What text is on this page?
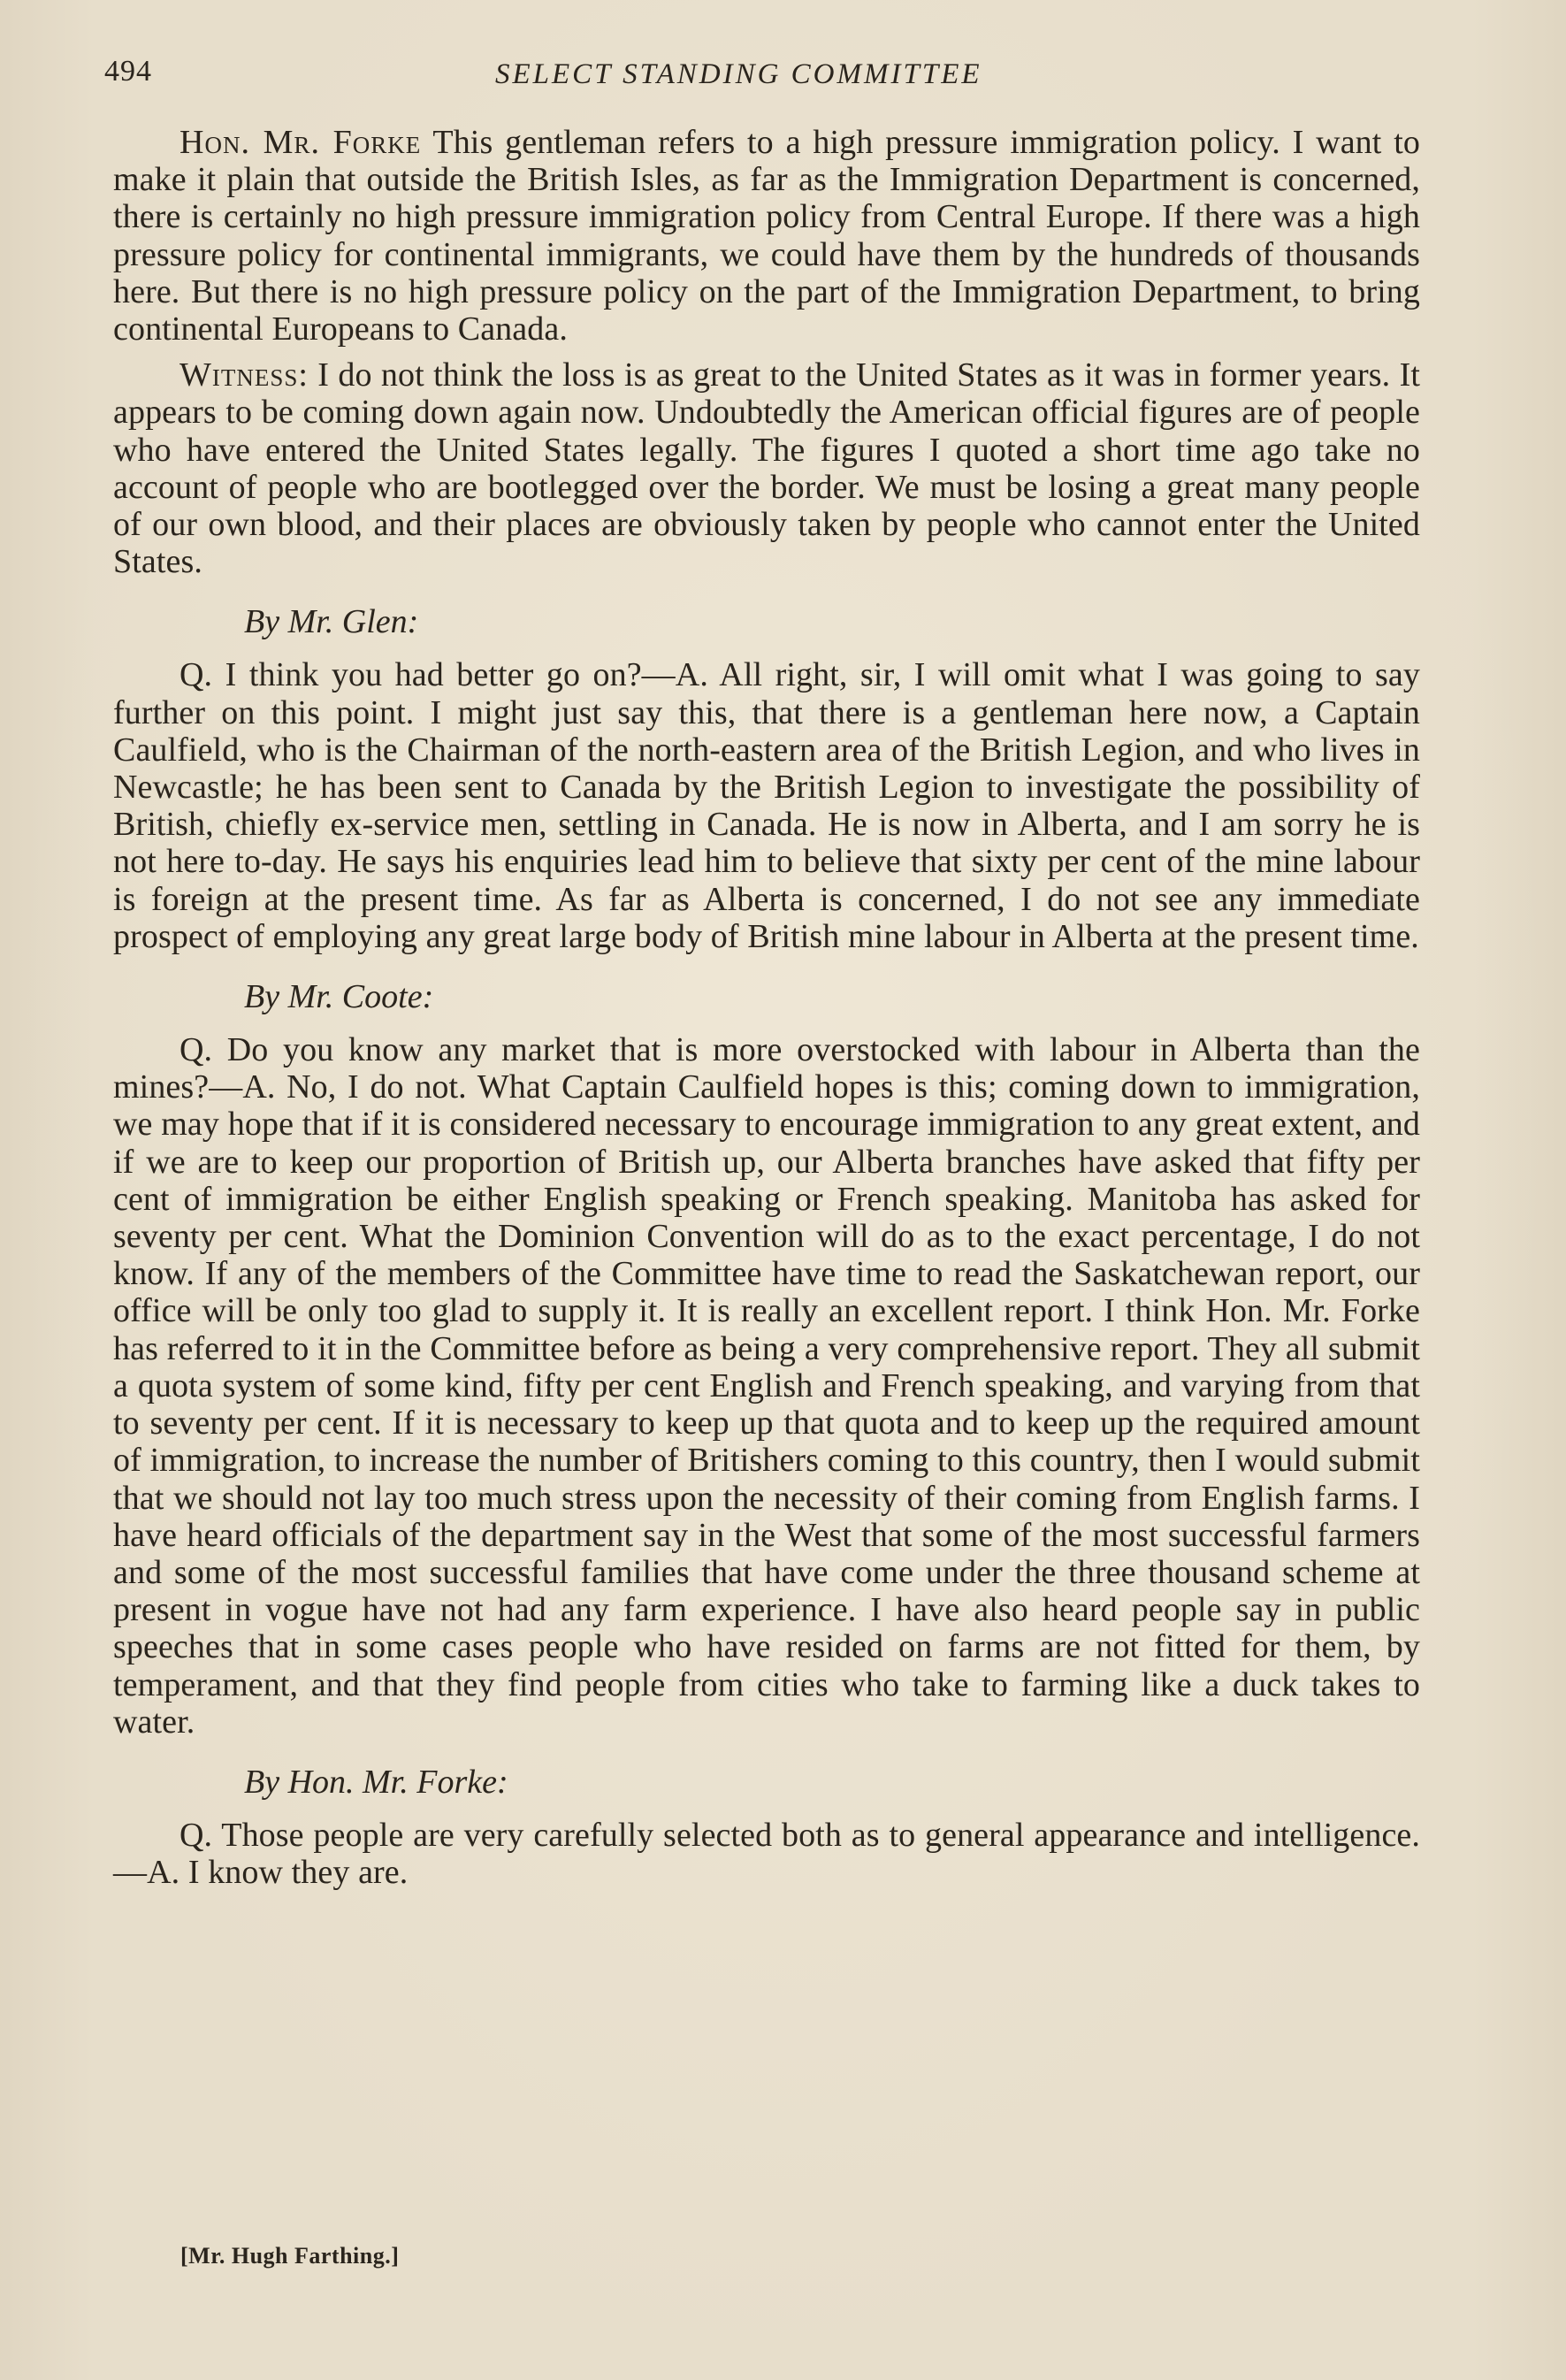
494	SELECT STANDING COMMITTEE

Hon. Mr. Forke This gentleman refers to a high pressure immigration policy. I want to make it plain that outside the British Isles, as far as the Immigration Department is concerned, there is certainly no high pressure immigration policy from Central Europe. If there was a high pressure policy for continental immigrants, we could have them by the hundreds of thousands here. But there is no high pressure policy on the part of the Immigration Department, to bring continental Europeans to Canada.

Witness: I do not think the loss is as great to the United States as it was in former years. It appears to be coming down again now. Undoubtedly the American official figures are of people who have entered the United States legally. The figures I quoted a short time ago take no account of people who are bootlegged over the border. We must be losing a great many people of our own blood, and their places are obviously taken by people who cannot enter the United States.

By Mr. Glen:

Q. I think you had better go on?—A. All right, sir, I will omit what I was going to say further on this point. I might just say this, that there is a gentleman here now, a Captain Caulfield, who is the Chairman of the north-eastern area of the British Legion, and who lives in Newcastle; he has been sent to Canada by the British Legion to investigate the possibility of British, chiefly ex-service men, settling in Canada. He is now in Alberta, and I am sorry he is not here to-day. He says his enquiries lead him to believe that sixty per cent of the mine labour is foreign at the present time. As far as Alberta is concerned, I do not see any immediate prospect of employing any great large body of British mine labour in Alberta at the present time.

By Mr. Coote:

Q. Do you know any market that is more overstocked with labour in Alberta than the mines?—A. No, I do not. What Captain Caulfield hopes is this; coming down to immigration, we may hope that if it is considered necessary to encourage immigration to any great extent, and if we are to keep our proportion of British up, our Alberta branches have asked that fifty per cent of immigration be either English speaking or French speaking. Manitoba has asked for seventy per cent. What the Dominion Convention will do as to the exact percentage, I do not know. If any of the members of the Committee have time to read the Saskatchewan report, our office will be only too glad to supply it. It is really an excellent report. I think Hon. Mr. Forke has referred to it in the Committee before as being a very comprehensive report. They all submit a quota system of some kind, fifty per cent English and French speaking, and varying from that to seventy per cent. If it is necessary to keep up that quota and to keep up the required amount of immigration, to increase the number of Britishers coming to this country, then I would submit that we should not lay too much stress upon the necessity of their coming from English farms. I have heard officials of the department say in the West that some of the most successful farmers and some of the most successful families that have come under the three thousand scheme at present in vogue have not had any farm experience. I have also heard people say in public speeches that in some cases people who have resided on farms are not fitted for them, by temperament, and that they find people from cities who take to farming like a duck takes to water.

By Hon. Mr. Forke:

Q. Those people are very carefully selected both as to general appearance and intelligence.—A. I know they are.

[Mr. Hugh Farthing.]
